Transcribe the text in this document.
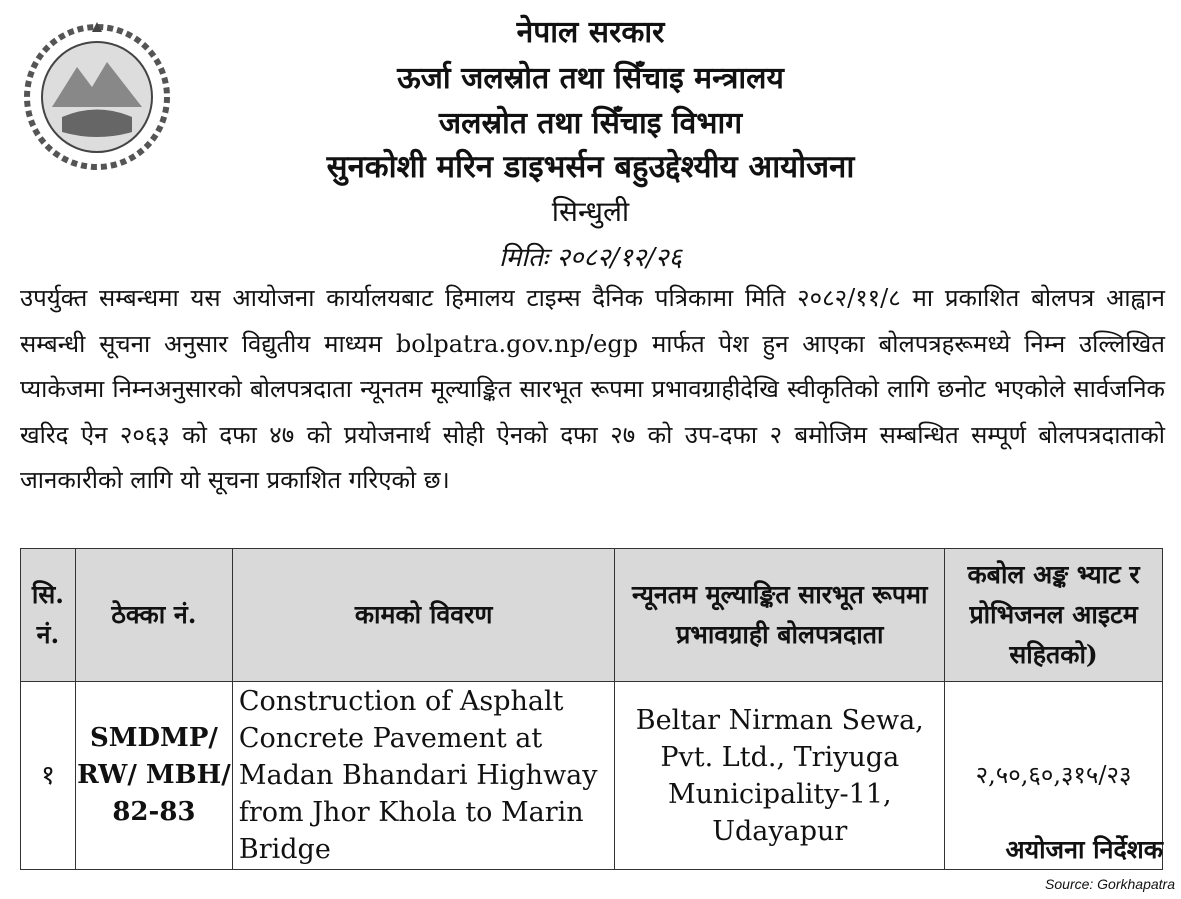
नेपाल सरकार
ऊर्जा जलस्रोत तथा सिँचाइ मन्त्रालय
जलस्रोत तथा सिँचाइ विभाग
सुनकोशी मरिन डाइभर्सन बहुउद्देश्यीय आयोजना
सिन्धुली
मितिः २०८२/१२/२६
उपर्युक्त सम्बन्धमा यस आयोजना कार्यालयबाट हिमालय टाइम्स दैनिक पत्रिकामा मिति २०८२/११/८ मा प्रकाशित बोलपत्र आह्वान सम्बन्धी सूचना अनुसार विद्युतीय माध्यम bolpatra.gov.np/egp मार्फत पेश हुन आएका बोलपत्रहरूमध्ये निम्न उल्लिखित प्याकेजमा निम्नअनुसारको बोलपत्रदाता न्यूनतम मूल्याङ्कित सारभूत रूपमा प्रभावग्राहीदेखि स्वीकृतिको लागि छनोट भएकोले सार्वजनिक खरिद ऐन २०६३ को दफा ४७ को प्रयोजनार्थ सोही ऐनको दफा २७ को उप-दफा २ बमोजिम सम्बन्धित सम्पूर्ण बोलपत्रदाताको जानकारीको लागि यो सूचना प्रकाशित गरिएको छ।
सि. नं.	ठेक्का नं.	कामको विवरण	न्यूनतम मूल्याङ्कित सारभूत रूपमा प्रभावग्राही बोलपत्रदाता	कबोल अङ्क भ्याट र प्रोभिजनल आइटम सहितको)
१	SMDMP/ RW/ MBH/ 82-83	Construction of Asphalt Concrete Pavement at Madan Bhandari Highway from Jhor Khola to Marin Bridge	Beltar Nirman Sewa, Pvt. Ltd., Triyuga Municipality-11, Udayapur	२,५०,६०,३१५/२३
अयोजना निर्देशक
Source: Gorkhapatra
